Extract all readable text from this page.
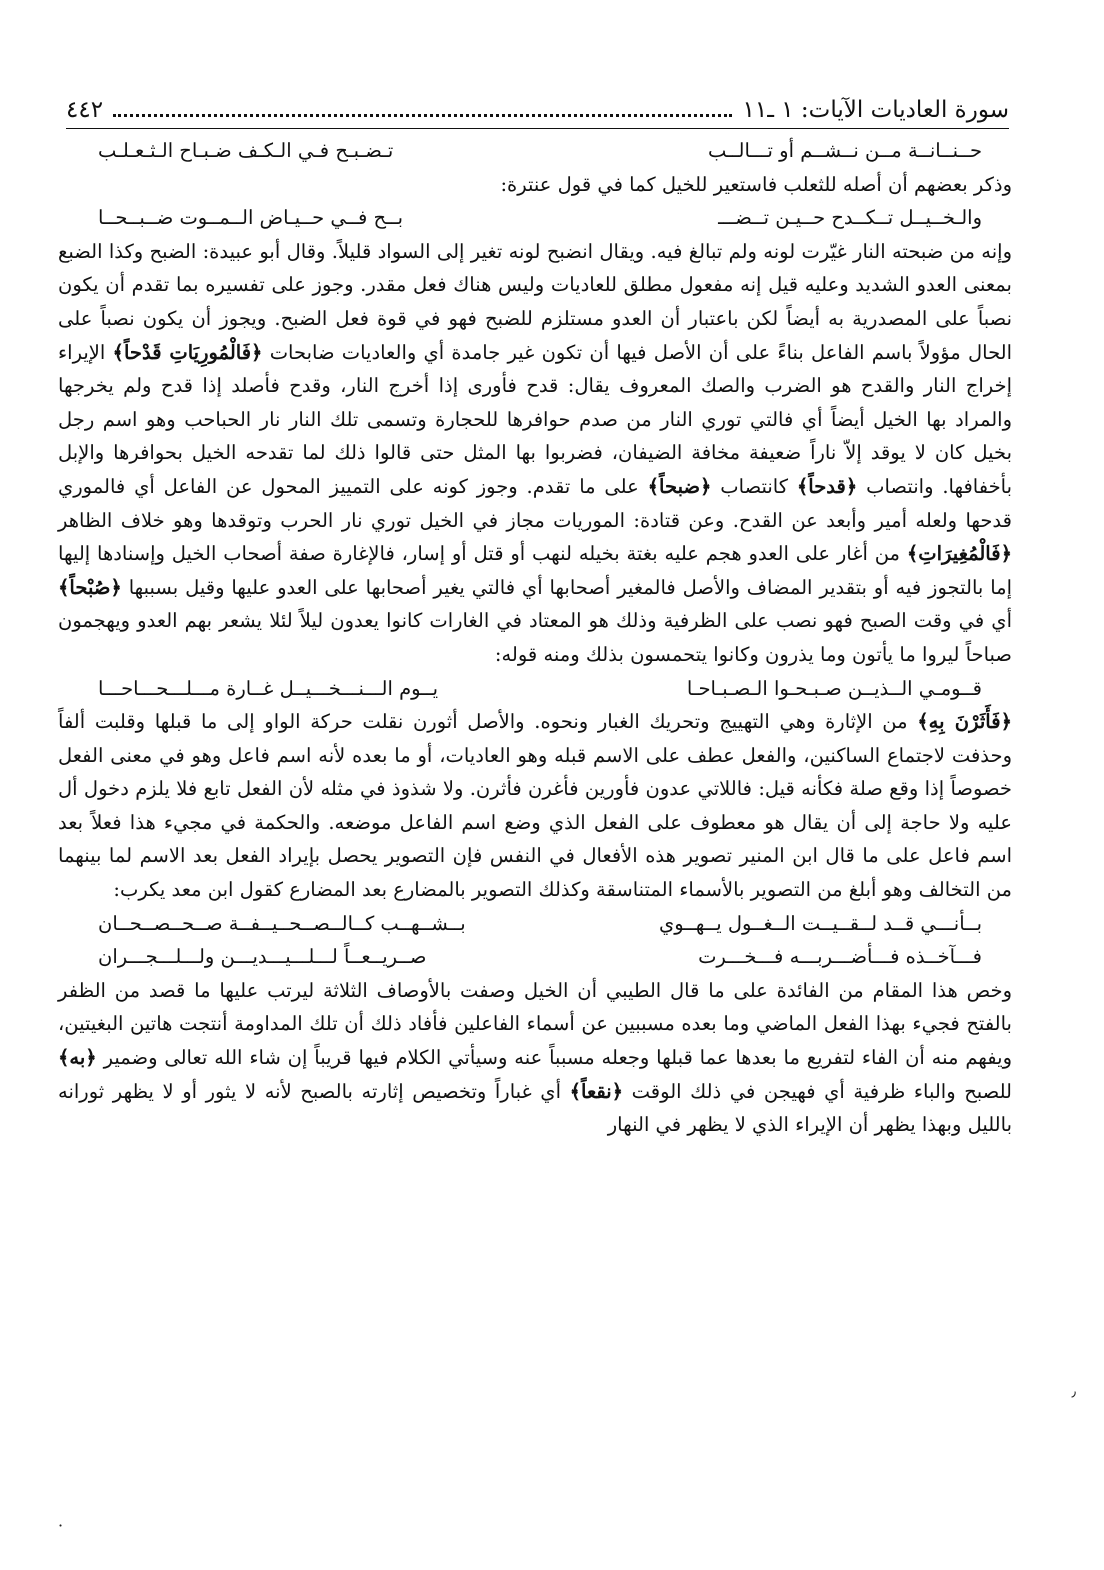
سورة العاديات الآيات: ١ ـ١١
٤٤٢
حــنــانــة مــن نــشــم أو تـــالــب
تـضـبـح فـي الـكـف ضـبـاح الـثـعـلـب

وذكر بعضهم أن أصله للثعلب فاستعير للخيل كما في قول عنترة:

والـخــيــل تــكــدح حــيـن تــضـــ
بــح فــي حــيـاض الــمــوت ضــبــحــا

وإنه من ضبحته النار غيّرت لونه ولم تبالغ فيه. ويقال انضبح لونه تغير إلى السواد قليلاً. وقال أبو عبيدة: الضبح وكذا الضبع بمعنى العدو الشديد وعليه قيل إنه مفعول مطلق للعاديات وليس هناك فعل مقدر. وجوز على تفسيره بما تقدم أن يكون نصباً على المصدرية به أيضاً لكن باعتبار أن العدو مستلزم للضبح فهو في قوة فعل الضبح. ويجوز أن يكون نصباً على الحال مؤولاً باسم الفاعل بناءً على أن الأصل فيها أن تكون غير جامدة أي والعاديات ضابحات ﴿فَالْمُورِيَاتِ قَدْحاً﴾ الإيراء إخراج النار والقدح هو الضرب والصك المعروف يقال: قدح فأورى إذا أخرج النار، وقدح فأصلد إذا قدح ولم يخرجها والمراد بها الخيل أيضاً أي فالتي توري النار من صدم حوافرها للحجارة وتسمى تلك النار نار الحباحب وهو اسم رجل بخيل كان لا يوقد إلاّ ناراً ضعيفة مخافة الضيفان، فضربوا بها المثل حتى قالوا ذلك لما تقدحه الخيل بحوافرها والإبل بأخفافها. وانتصاب ﴿قدحاً﴾ كانتصاب ﴿ضبحاً﴾ على ما تقدم. وجوز كونه على التمييز المحول عن الفاعل أي فالموري قدحها ولعله أمير وأبعد عن القدح. وعن قتادة: الموريات مجاز في الخيل توري نار الحرب وتوقدها وهو خلاف الظاهر ﴿فَالْمُغِيرَاتِ﴾ من أغار على العدو هجم عليه بغتة بخيله لنهب أو قتل أو إسار، فالإغارة صفة أصحاب الخيل وإسنادها إليها إما بالتجوز فيه أو بتقدير المضاف والأصل فالمغير أصحابها أي فالتي يغير أصحابها على العدو عليها وقيل بسببها ﴿صُبْحاً﴾ أي في وقت الصبح فهو نصب على الظرفية وذلك هو المعتاد في الغارات كانوا يعدون ليلاً لئلا يشعر بهم العدو ويهجمون صباحاً ليروا ما يأتون وما يذرون وكانوا يتحمسون بذلك ومنه قوله:

قــومـي الــذيــن صـبـحـوا الـصـبـاحـا
يــوم الـــنـــخـــيــل غــارة مـــلـــحـــاحـــا

﴿فَأَثَرْنَ بِهِ﴾ من الإثارة وهي التهييج وتحريك الغبار ونحوه. والأصل أثورن نقلت حركة الواو إلى ما قبلها وقلبت ألفاً وحذفت لاجتماع الساكنين، والفعل عطف على الاسم قبله وهو العاديات، أو ما بعده لأنه اسم فاعل وهو في معنى الفعل خصوصاً إذا وقع صلة فكأنه قيل: فاللاتي عدون فأورين فأغرن فأثرن. ولا شذوذ في مثله لأن الفعل تابع فلا يلزم دخول أل عليه ولا حاجة إلى أن يقال هو معطوف على الفعل الذي وضع اسم الفاعل موضعه. والحكمة في مجيء هذا فعلاً بعد اسم فاعل على ما قال ابن المنير تصوير هذه الأفعال في النفس فإن التصوير يحصل بإيراد الفعل بعد الاسم لما بينهما من التخالف وهو أبلغ من التصوير بالأسماء المتناسقة وكذلك التصوير بالمضارع بعد المضارع كقول ابن معد يكرب:

بــأنـــي قــد لــقــيــت الــغــول يــهــوي
بــشــهــب كــالــصــحــيــفــة صــحــصــحــان
فـــآخــذه فـــأضـــربـــه فـــخـــرت
صــريــعــاً لـــلـــيـــديـــن ولـــلـــجـــران

وخص هذا المقام من الفائدة على ما قال الطيبي أن الخيل وصفت بالأوصاف الثلاثة ليرتب عليها ما قصد من الظفر بالفتح فجيء بهذا الفعل الماضي وما بعده مسببين عن أسماء الفاعلين فأفاد ذلك أن تلك المداومة أنتجت هاتين البغيتين، ويفهم منه أن الفاء لتفريع ما بعدها عما قبلها وجعله مسبباً عنه وسيأتي الكلام فيها قريباً إن شاء الله تعالى وضمير ﴿به﴾ للصبح والباء ظرفية أي فهيجن في ذلك الوقت ﴿نقعاً﴾ أي غباراً وتخصيص إثارته بالصبح لأنه لا يثور أو لا يظهر ثورانه بالليل وبهذا يظهر أن الإيراء الذي لا يظهر في النهار

٫
·
